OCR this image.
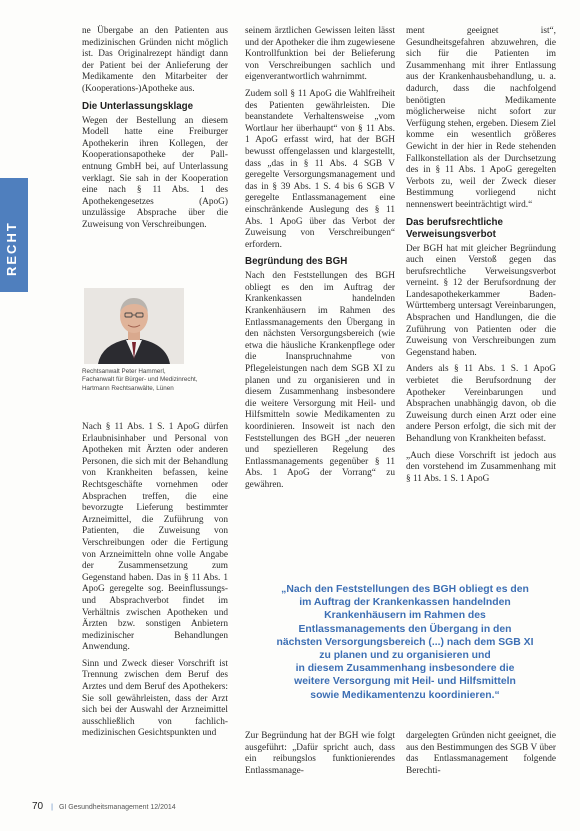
RECHT

ne Übergabe an den Patienten aus medizinischen Gründen nicht möglich ist. Das Originalrezept händigt dann der Patient bei der Anlieferung der Medikamente den Mitarbeiter der (Kooperations-)Apotheke aus.

Die Unterlassungsklage

Wegen der Bestellung an diesem Modell hatte eine Freiburger Apothekerin ihren Kollegen, der Kooperationsapotheke der Pall-entnung GmbH bei, auf Unterlassung verklagt. Sie sah in der Kooperation eine nach § 11 Abs. 1 des Apothekengesetzes (ApoG) unzulässige Absprache über die Zuweisung von Verschreibungen.

Rechtsanwalt Peter Hammerl,
Fachanwalt für Bürger- und Medizinrecht,
Hartmann Rechtsanwälte, Lünen

Nach § 11 Abs. 1 S. 1 ApoG dürfen Erlaubnisinhaber und Personal von Apotheken mit Ärzten oder anderen Personen, die sich mit der Behandlung von Krankheiten befassen, keine Rechtsgeschäfte vornehmen oder Absprachen treffen, die eine bevorzugte Lieferung bestimmter Arzneimittel, die Zuführung von Patienten, die Zuweisung von Verschreibungen oder die Fertigung von Arzneimitteln ohne volle Angabe der Zusammensetzung zum Gegenstand haben. Das in § 11 Abs. 1 ApoG geregelte sog. Beeinflussungs- und Absprachverbot findet im Verhältnis zwischen Apotheken und Ärzten bzw. sonstigen Anbietern medizinischer Behandlungen Anwendung.

Sinn und Zweck dieser Vorschrift ist Trennung zwischen dem Beruf des Arztes und dem Beruf des Apothekers: Sie soll gewährleisten, dass der Arzt sich bei der Auswahl der Arzneimittel ausschließlich von fachlich-medizinischen Gesichtspunkten und

seinem ärztlichen Gewissen leiten lässt und der Apotheker die ihm zugewiesene Kontrollfunktion bei der Belieferung von Verschreibungen sachlich und eigenverantwortlich wahrnimmt.

Zudem soll § 11 ApoG die Wahlfreiheit des Patienten gewährleisten. Die beanstandete Verhaltensweise „vom Wortlaur her überhaupt“ von § 11 Abs. 1 ApoG erfasst wird, hat der BGH bewusst offengelassen und klargestellt, dass „das in § 11 Abs. 4 SGB V geregelte Versorgungsmanagement und das in § 39 Abs. 1 S. 4 bis 6 SGB V geregelte Entlassmanagement eine einschränkende Auslegung des § 11 Abs. 1 ApoG über das Verbot der Zuweisung von Verschreibungen“ erfordern.

Begründung des BGH

Nach den Feststellungen des BGH obliegt es den im Auftrag der Krankenkassen handelnden Krankenhäusern im Rahmen des Entlassmanagements den Übergang in den nächsten Versorgungsbereich (wie etwa die häusliche Krankenpflege oder die Inanspruchnahme von Pflegeleistungen nach dem SGB XI zu planen und zu organisieren und in diesem Zusammenhang insbesondere die weitere Versorgung mit Heil- und Hilfsmitteln sowie Medikamenten zu koordinieren. Insoweit ist nach den Feststellungen des BGH „der neueren und spezielleren Regelung des Entlassmanagements gegenüber § 11 Abs. 1 ApoG der Vorrang“ zu gewähren.

ment geeignet ist“, Gesundheitsgefahren abzuwehren, die sich für die Patienten im Zusammenhang mit ihrer Entlassung aus der Krankenhausbehandlung, u. a. dadurch, dass die nachfolgend benötigten Medikamente möglicherweise nicht sofort zur Verfügung stehen, ergeben. Diesem Ziel komme ein wesentlich größeres Gewicht in der hier in Rede stehenden Fallkonstellation als der Durchsetzung des in § 11 Abs. 1 ApoG geregelten Verbots zu, weil der Zweck dieser Bestimmung vorliegend nicht nennenswert beeinträchtigt wird.“

Das berufsrechtliche Verweisungsverbot

Der BGH hat mit gleicher Begründung auch einen Verstoß gegen das berufsrechtliche Verweisungsverbot verneint. § 12 der Berufsordnung der Landesapothekerkammer Baden-Württemberg untersagt Vereinbarungen, Absprachen und Handlungen, die die Zuführung von Patienten oder die Zuweisung von Verschreibungen zum Gegenstand haben.

Anders als § 11 Abs. 1 S. 1 ApoG verbietet die Berufsordnung der Apotheker Vereinbarungen und Absprachen unabhängig davon, ob die Zuweisung durch einen Arzt oder eine andere Person erfolgt, die sich mit der Behandlung von Krankheiten befasst.

„Auch diese Vorschrift ist jedoch aus den vorstehend im Zusammenhang mit § 11 Abs. 1 S. 1 ApoG

„Nach den Feststellungen des BGH obliegt es den
im Auftrag der Krankenkassen handelnden
Krankenhäusern im Rahmen des
Entlassmanagements den Übergang in den
nächsten Versorgungsbereich (...) nach dem SGB XI
zu planen und zu organisieren und
in diesem Zusammenhang insbesondere die
weitere Versorgung mit Heil- und Hilfsmitteln
sowie Medikamentenzu koordinieren.“

Zur Begründung hat der BGH wie folgt ausgeführt: „Dafür spricht auch, dass ein reibungslos funktionierendes Entlassmanage-

dargelegten Gründen nicht geeignet, die aus den Bestimmungen des SGB V über das Entlassmanagement folgende Berechti-

70 | GI Gesundheitsmanagement 12/2014
